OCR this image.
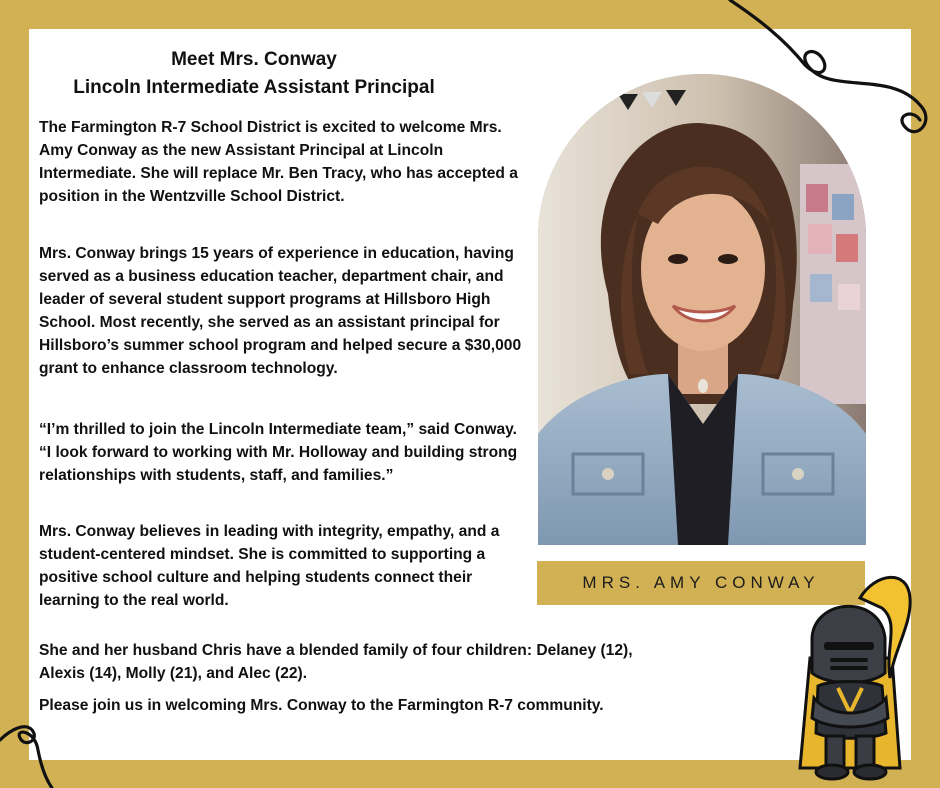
Meet Mrs. Conway
Lincoln Intermediate Assistant Principal

The Farmington R-7 School District is excited to welcome Mrs. Amy Conway as the new Assistant Principal at Lincoln Intermediate. She will replace Mr. Ben Tracy, who has accepted a position in the Wentzville School District.

Mrs. Conway brings 15 years of experience in education, having served as a business education teacher, department chair, and leader of several student support programs at Hillsboro High School. Most recently, she served as an assistant principal for Hillsboro’s summer school program and helped secure a $30,000 grant to enhance classroom technology.

“I’m thrilled to join the Lincoln Intermediate team,” said Conway. “I look forward to working with Mr. Holloway and building strong relationships with students, staff, and families.”

Mrs. Conway believes in leading with integrity, empathy, and a student-centered mindset. She is committed to supporting a positive school culture and helping students connect their learning to the real world.

She and her husband Chris have a blended family of four children: Delaney (12), Alexis (14), Molly (21), and Alec (22).

Please join us in welcoming Mrs. Conway to the Farmington R-7 community.

MRS. AMY CONWAY
